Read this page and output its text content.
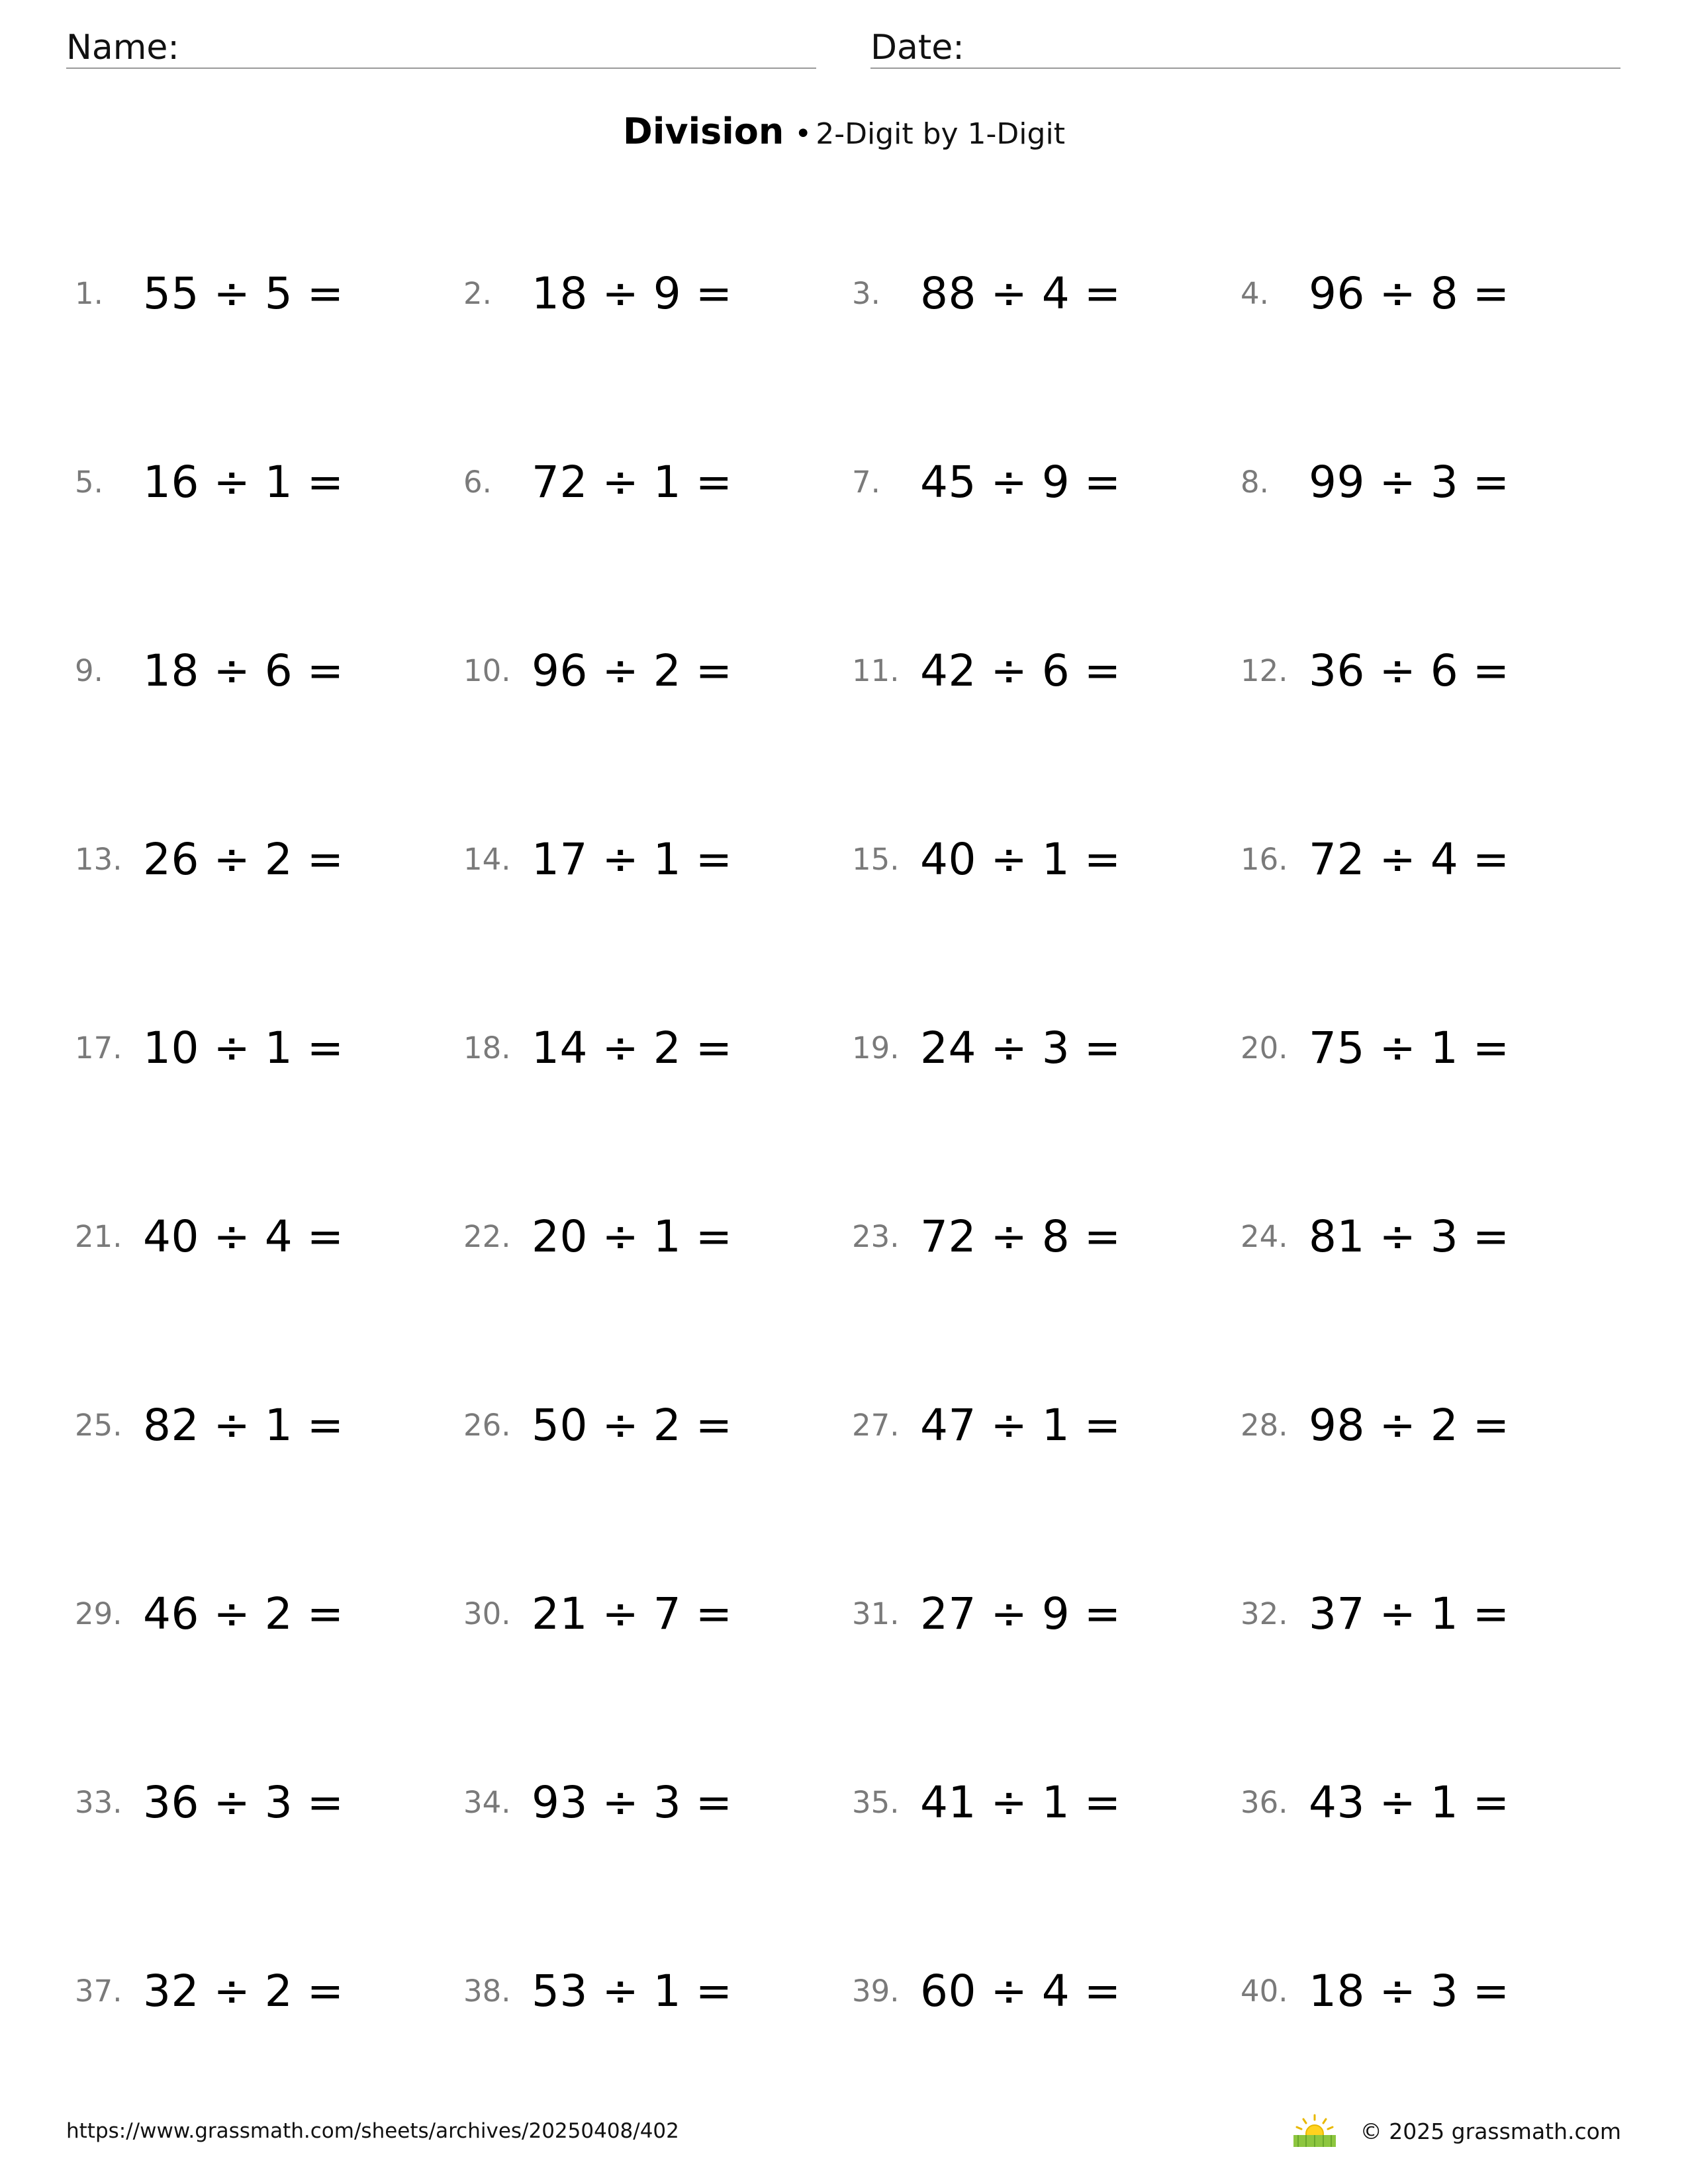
Name:	Date:
Division • 2-Digit by 1-Digit
1. 55 ÷ 5 =	2. 18 ÷ 9 =	3. 88 ÷ 4 =	4. 96 ÷ 8 =
5. 16 ÷ 1 =	6. 72 ÷ 1 =	7. 45 ÷ 9 =	8. 99 ÷ 3 =
9. 18 ÷ 6 =	10. 96 ÷ 2 =	11. 42 ÷ 6 =	12. 36 ÷ 6 =
13. 26 ÷ 2 =	14. 17 ÷ 1 =	15. 40 ÷ 1 =	16. 72 ÷ 4 =
17. 10 ÷ 1 =	18. 14 ÷ 2 =	19. 24 ÷ 3 =	20. 75 ÷ 1 =
21. 40 ÷ 4 =	22. 20 ÷ 1 =	23. 72 ÷ 8 =	24. 81 ÷ 3 =
25. 82 ÷ 1 =	26. 50 ÷ 2 =	27. 47 ÷ 1 =	28. 98 ÷ 2 =
29. 46 ÷ 2 =	30. 21 ÷ 7 =	31. 27 ÷ 9 =	32. 37 ÷ 1 =
33. 36 ÷ 3 =	34. 93 ÷ 3 =	35. 41 ÷ 1 =	36. 43 ÷ 1 =
37. 32 ÷ 2 =	38. 53 ÷ 1 =	39. 60 ÷ 4 =	40. 18 ÷ 3 =
https://www.grassmath.com/sheets/archives/20250408/402	© 2025 grassmath.com
